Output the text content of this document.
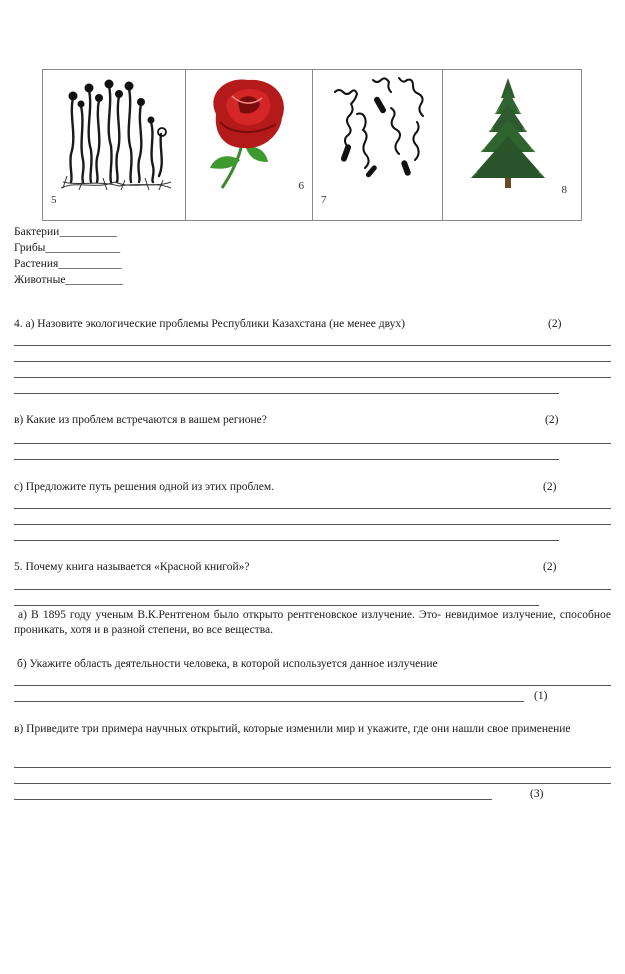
5
6
7
8
Бактерии__________
Грибы_____________
Растения___________
Животные__________
4. а) Назовите экологические проблемы Республики Казахстана (не менее двух)	(2)
в) Какие из проблем встречаются в вашем регионе?	(2)
с) Предложите путь решения одной из этих проблем.	(2)
5. Почему книга называется «Красной книгой»?	(2)
а) В 1895 году ученым В.К.Рентгеном было открыто рентгеновское излучение. Это- невидимое излучение, способное проникать, хотя и в разной степени, во все вещества.
б) Укажите область деятельности человека, в которой используется данное излучение
(1)
в) Приведите три примера научных открытий, которые изменили мир и укажите, где они нашли свое применение
(3)
